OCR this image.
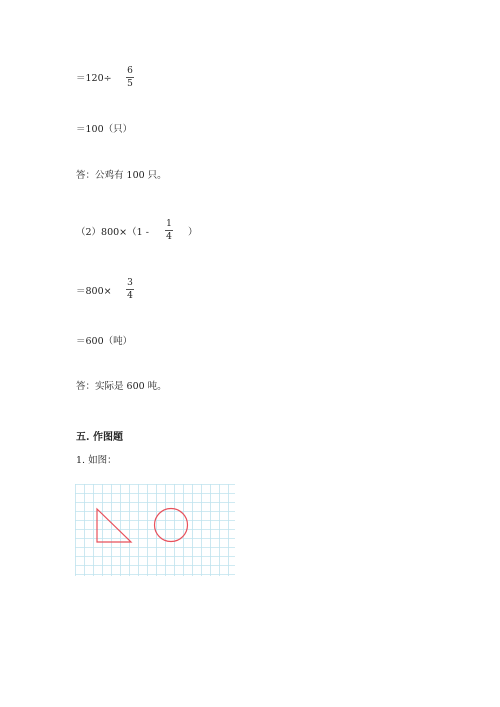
＝120÷
6
5
＝100（只）
答：公鸡有 100 只。
（2）800×（1 -
1
4 ）
＝800×
3
4
＝600（吨）
答：实际是 600 吨。
五. 作图题
1. 如图：
